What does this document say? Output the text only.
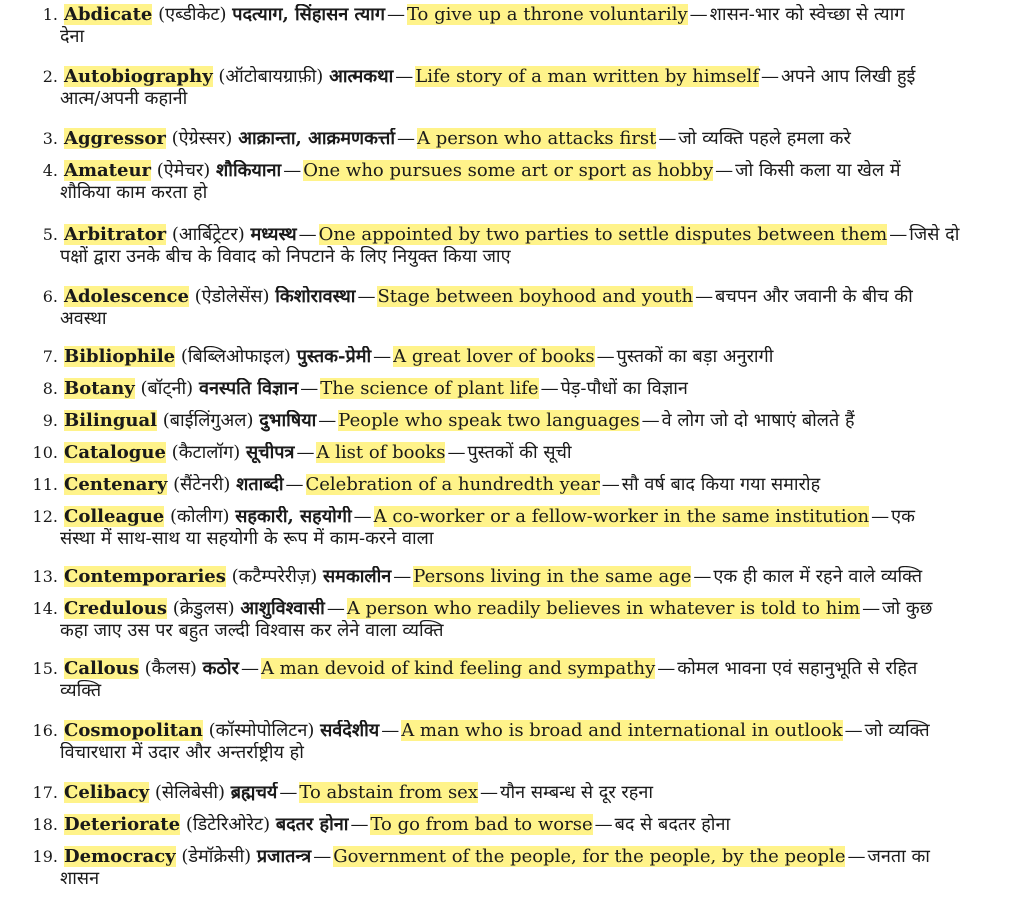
1. Abdicate (एब्डीकेट) पदत्याग, सिंहासन त्याग — To give up a throne voluntarily — शासन-भार को स्वेच्छा से त्याग
देना
2. Autobiography (ऑटोबायग्राफ़ी) आत्मकथा — Life story of a man written by himself — अपने आप लिखी हुई
आत्म/अपनी कहानी
3. Aggressor (ऐग्रेस्सर) आक्रान्ता, आक्रमणकर्त्ता — A person who attacks first — जो व्यक्ति पहले हमला करे
4. Amateur (ऐमेचर) शौकियाना — One who pursues some art or sport as hobby — जो किसी कला या खेल में
शौकिया काम करता हो
5. Arbitrator (आर्बिट्रेटर) मध्यस्थ — One appointed by two parties to settle disputes between them — जिसे दो
पक्षों द्वारा उनके बीच के विवाद को निपटाने के लिए नियुक्त किया जाए
6. Adolescence (ऐडोलेसेंस) किशोरावस्था — Stage between boyhood and youth — बचपन और जवानी के बीच की
अवस्था
7. Bibliophile (बिब्लिओफाइल) पुस्तक-प्रेमी — A great lover of books — पुस्तकों का बड़ा अनुरागी
8. Botany (बॉट्नी) वनस्पति विज्ञान — The science of plant life — पेड़-पौधों का विज्ञान
9. Bilingual (बाईलिंगुअल) दुभाषिया — People who speak two languages — वे लोग जो दो भाषाएं बोलते हैं
10. Catalogue (कैटालॉग) सूचीपत्र — A list of books — पुस्तकों की सूची
11. Centenary (सैंटेनरी) शताब्दी — Celebration of a hundredth year — सौ वर्ष बाद किया गया समारोह
12. Colleague (कोलीग) सहकारी, सहयोगी — A co-worker or a fellow-worker in the same institution — एक
संस्था में साथ-साथ या सहयोगी के रूप में काम-करने वाला
13. Contemporaries (कटैम्परेरीज़) समकालीन — Persons living in the same age — एक ही काल में रहने वाले व्यक्ति
14. Credulous (क्रेडुलस) आशुविश्वासी — A person who readily believes in whatever is told to him — जो कुछ
कहा जाए उस पर बहुत जल्दी विश्वास कर लेने वाला व्यक्ति
15. Callous (कैलस) कठोर — A man devoid of kind feeling and sympathy — कोमल भावना एवं सहानुभूति से रहित
व्यक्ति
16. Cosmopolitan (कॉस्मोपोलिटन) सर्वदेशीय — A man who is broad and international in outlook — जो व्यक्ति
विचारधारा में उदार और अन्तर्राष्ट्रीय हो
17. Celibacy (सेलिबेसी) ब्रह्मचर्य — To abstain from sex — यौन सम्बन्ध से दूर रहना
18. Deteriorate (डिटेरिओरेट) बदतर होना — To go from bad to worse — बद से बदतर होना
19. Democracy (डेमॉक्रेसी) प्रजातन्त्र — Government of the people, for the people, by the people — जनता का
शासन
